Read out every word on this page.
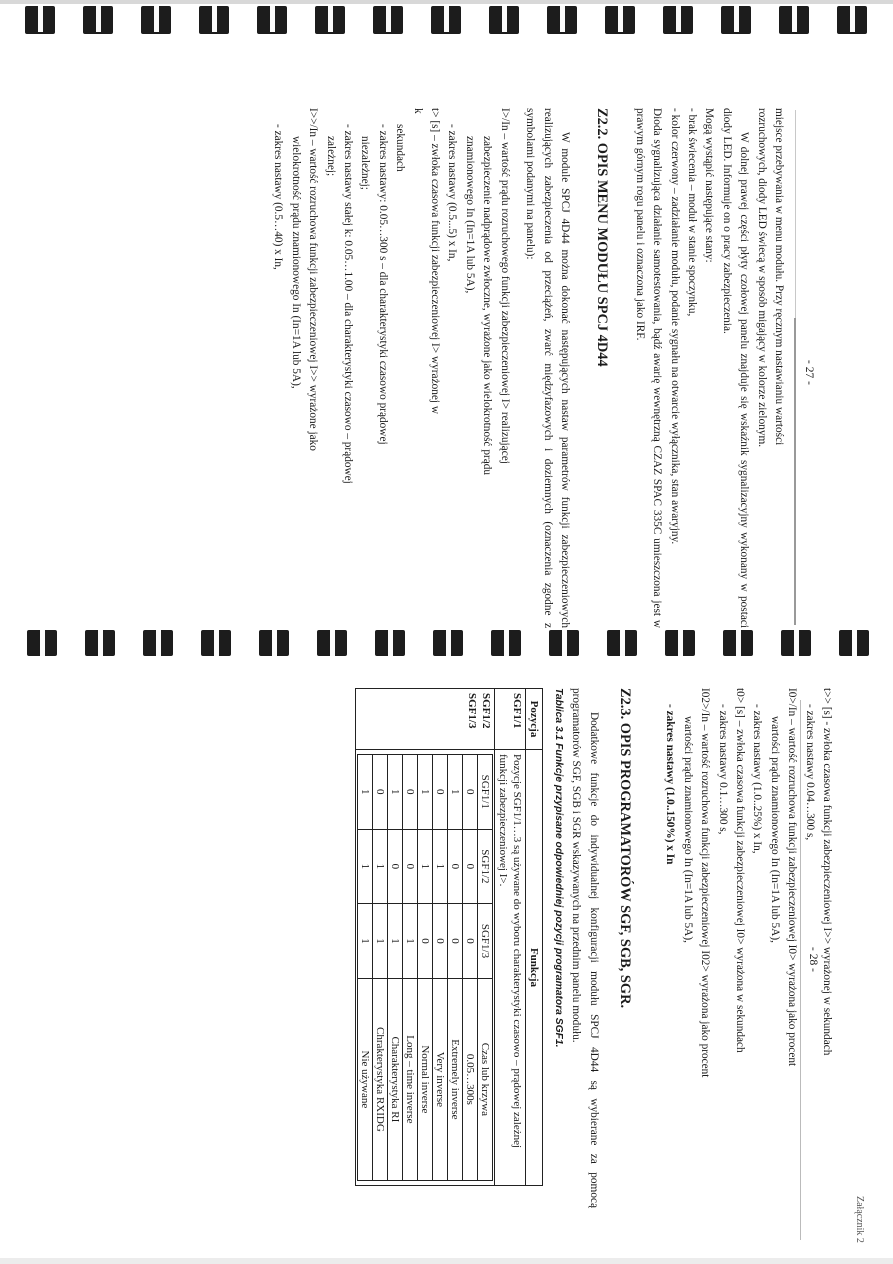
- 27 -
- 28 -
Załącznik 2
miejsce przebywania w menu modułu. Przy ręcznym nastawianiu wartości
rozruchowych, diody LED świecą w sposób migający w kolorze zielonym.

W dolnej prawej części płyty czołowej panelu znajduje się wskaźnik sygnalizacyjny wykonany w postaci diody LED. Informuje on o pracy zabezpieczenia.

Mogą wystąpić następujące stany:
- brak świecenia – moduł w stanie spoczynku,
- kolor czerwony – zadziałanie modułu, podanie sygnału na otwarcie wyłącznika, stan awaryjny.

Dioda sygnalizująca działanie samotestowania, bądź awarię wewnętrzną CZAZ SPAC 335C umieszczona jest w prawym górnym rogu panelu i oznaczona jako IRF.

Z2.2. OPIS MENU MODUŁU SPCJ 4D44

W module SPCJ 4D44 można dokonać następujących nastaw parametrów funkcji zabezpieczeniowych realizujących zabezpieczenia od przeciążeń, zwarć międzyfazowych i doziemnych (oznaczenia zgodne z symbolami podanymi na panelu):

I>/In – wartość prądu rozruchowego funkcji zabezpieczeniowej I> realizującej
zabezpieczenie nadprądowe zwłoczne, wyrażone jako wielokrotność prądu
znamionowego In (In=1A lub 5A),
- zakres nastawy (0.5...5) x In,
t> [s] – zwłoka czasowa funkcji zabezpieczeniowej I> wyrażonej w
k
sekundach
- zakres nastawy: 0.05…300 s – dla charakterystyki czasowo prądowej
niezależnej;
- zakres nastawy stałej k: 0.05…1.00 – dla charakterystyki czasowo – prądowej
zależnej;
I>>/In – wartość rozruchowa funkcji zabezpieczeniowej I>> wyrażone jako
wielokrotność prądu znamionowego In (In=1A lub 5A),
- zakres nastawy (0.5…40) x In,
t>> [s] - zwłoka czasowa funkcji zabezpieczeniowej I>> wyrażonej w sekundach
- zakres nastawy 0.04…300 s,
I0>/In – wartość rozruchowa funkcji zabezpieczeniowej I0> wyrażona jako procent
wartości prądu znamionowego In (In=1A lub 5A),
- zakres nastawy (1.0..25%) x In,
t0> [s] – zwłoka czasowa funkcji zabezpieczeniowej I0> wyrażona w sekundach
- zakres nastawy 0.1…300 s,
I02>/In – wartość rozruchowa funkcji zabezpieczeniowej I02> wyrażona jako procent
wartości prądu znamionowego In (In=1A lub 5A),
- zakres nastawy (1.0..150%) x In
Z2.3. OPIS PROGRAMATORÓW SGF, SGB, SGR.

Dodatkowe funkcje do indywidualnej konfiguracji modułu SPCJ 4D44 są wybierane za pomocą programatorów SGF, SGB i SGR wskazywanych na przednim panelu modułu.

Tablica 3.1 Funkcje przypisane odpowiedniej pozycji programatora SGF1.
Pozycja	Funkcja
SGF1/1	Pozycje SGF1/1…3 są używane do wyboru charakterystyki czasowo – prądowej zależnej funkcji zabezpieczeniowej I>.

SGF1/2
SGF1/3

SGF1/1	SGF1/2	SGF1/3	Czas lub krzywa
0	0	0	0.05…300s
1	0	0	Extremely inverse
0	1	0	Very inverse
1	1	0	Normal inverse
0	0	1	Long – time inverse
1	0	1	Charakterystyka RI
0	1	1	Chrakterystyka RXIDG
1	1	1	Nie używane
